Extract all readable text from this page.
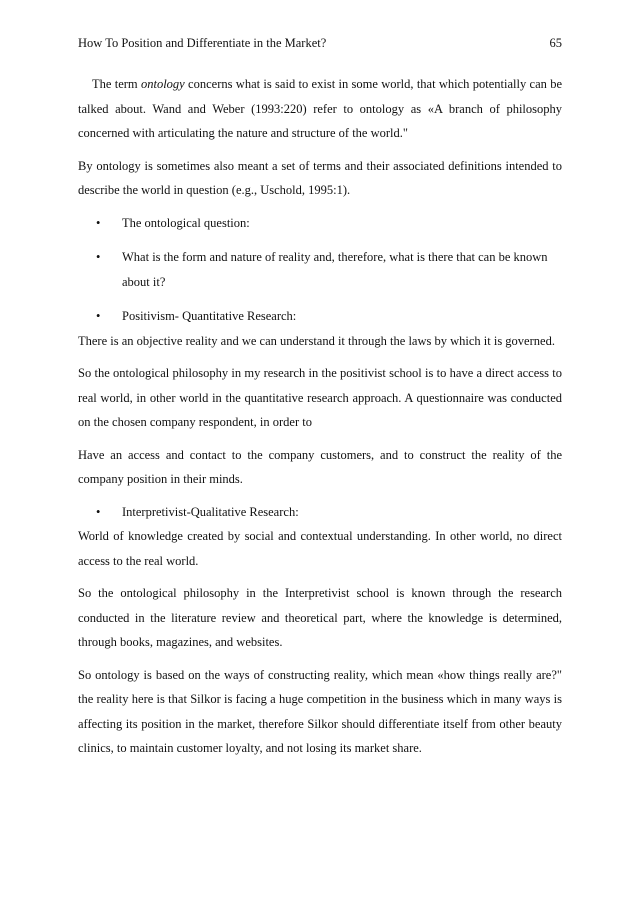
How To Position and Differentiate in the Market?	65

The term ontology concerns what is said to exist in some world, that which potentially can be talked about. Wand and Weber (1993:220) refer to ontology as «A branch of philosophy concerned with articulating the nature and structure of the world."

By ontology is sometimes also meant a set of terms and their associated definitions intended to describe the world in question (e.g., Uschold, 1995:1).

• The ontological question:
• What is the form and nature of reality and, therefore, what is there that can be known about it?
• Positivism- Quantitative Research:

There is an objective reality and we can understand it through the laws by which it is governed.

So the ontological philosophy in my research in the positivist school is to have a direct access to real world, in other world in the quantitative research approach. A questionnaire was conducted on the chosen company respondent, in order to

Have an access and contact to the company customers, and to construct the reality of the company position in their minds.

• Interpretivist-Qualitative Research:

World of knowledge created by social and contextual understanding. In other world, no direct access to the real world.

So the ontological philosophy in the Interpretivist school is known through the research conducted in the literature review and theoretical part, where the knowledge is determined, through books, magazines, and websites.

So ontology is based on the ways of constructing reality, which mean «how things really are?" the reality here is that Silkor is facing a huge competition in the business which in many ways is affecting its position in the market, therefore Silkor should differentiate itself from other beauty clinics, to maintain customer loyalty, and not losing its market share.
